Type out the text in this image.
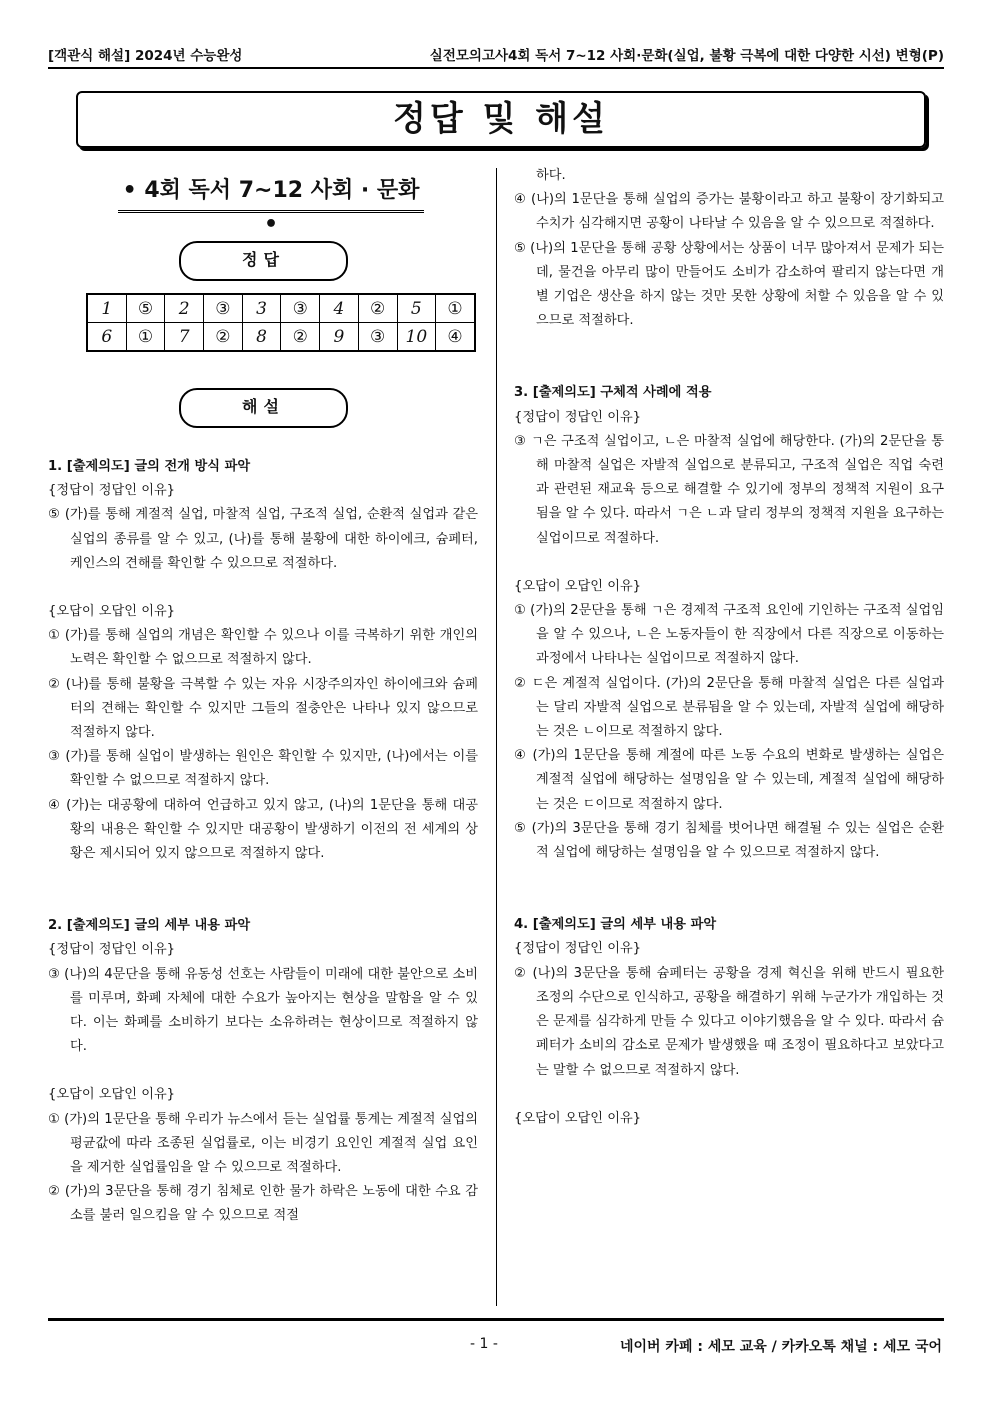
[객관식 해설] 2024년 수능완성	실전모의고사4회 독서 7~12 사회·문화(실업, 불황 극복에 대한 다양한 시선) 변형(P)
정답 및 해설
• 4회 독서 7~12 사회 · 문화 •
정답
1	⑤	2	③	3	③	4	②	5	①
6	①	7	②	8	②	9	③	10	④
해설

1. [출제의도] 글의 전개 방식 파악

{정답이 정답인 이유}

⑤ (가)를 통해 계절적 실업, 마찰적 실업, 구조적 실업, 순환적 실업과 같은 실업의 종류를 알 수 있고, (나)를 통해 불황에 대한 하이에크, 슘페터, 케인스의 견해를 확인할 수 있으므로 적절하다.

{오답이 오답인 이유}

① (가)를 통해 실업의 개념은 확인할 수 있으나 이를 극복하기 위한 개인의 노력은 확인할 수 없으므로 적절하지 않다.

② (나)를 통해 불황을 극복할 수 있는 자유 시장주의자인 하이에크와 슘페터의 견해는 확인할 수 있지만 그들의 절충안은 나타나 있지 않으므로 적절하지 않다.

③ (가)를 통해 실업이 발생하는 원인은 확인할 수 있지만, (나)에서는 이를 확인할 수 없으므로 적절하지 않다.

④ (가)는 대공황에 대하여 언급하고 있지 않고, (나)의 1문단을 통해 대공황의 내용은 확인할 수 있지만 대공황이 발생하기 이전의 전 세계의 상황은 제시되어 있지 않으므로 적절하지 않다.

2. [출제의도] 글의 세부 내용 파악

{정답이 정답인 이유}

③ (나)의 4문단을 통해 유동성 선호는 사람들이 미래에 대한 불안으로 소비를 미루며, 화폐 자체에 대한 수요가 높아지는 현상을 말함을 알 수 있다. 이는 화폐를 소비하기 보다는 소유하려는 현상이므로 적절하지 않다.

{오답이 오답인 이유}

① (가)의 1문단을 통해 우리가 뉴스에서 듣는 실업률 통계는 계절적 실업의 평균값에 따라 조종된 실업률로, 이는 비경기 요인인 계절적 실업 요인을 제거한 실업률임을 알 수 있으므로 적절하다.

② (가)의 3문단을 통해 경기 침체로 인한 물가 하락은 노동에 대한 수요 감소를 불러 일으킴을 알 수 있으므로 적절

하다.

④ (나)의 1문단을 통해 실업의 증가는 불황이라고 하고 불황이 장기화되고 수치가 심각해지면 공황이 나타날 수 있음을 알 수 있으므로 적절하다.

⑤ (나)의 1문단을 통해 공황 상황에서는 상품이 너무 많아져서 문제가 되는데, 물건을 아무리 많이 만들어도 소비가 감소하여 팔리지 않는다면 개별 기업은 생산을 하지 않는 것만 못한 상황에 처할 수 있음을 알 수 있으므로 적절하다.

3. [출제의도] 구체적 사례에 적용

{정답이 정답인 이유}

③ ㄱ은 구조적 실업이고, ㄴ은 마찰적 실업에 해당한다. (가)의 2문단을 통해 마찰적 실업은 자발적 실업으로 분류되고, 구조적 실업은 직업 숙련과 관련된 재교육 등으로 해결할 수 있기에 정부의 정책적 지원이 요구됨을 알 수 있다. 따라서 ㄱ은 ㄴ과 달리 정부의 정책적 지원을 요구하는 실업이므로 적절하다.

{오답이 오답인 이유}

① (가)의 2문단을 통해 ㄱ은 경제적 구조적 요인에 기인하는 구조적 실업임을 알 수 있으나, ㄴ은 노동자들이 한 직장에서 다른 직장으로 이동하는 과정에서 나타나는 실업이므로 적절하지 않다.

② ㄷ은 계절적 실업이다. (가)의 2문단을 통해 마찰적 실업은 다른 실업과는 달리 자발적 실업으로 분류됨을 알 수 있는데, 자발적 실업에 해당하는 것은 ㄴ이므로 적절하지 않다.

④ (가)의 1문단을 통해 계절에 따른 노동 수요의 변화로 발생하는 실업은 계절적 실업에 해당하는 설명임을 알 수 있는데, 계절적 실업에 해당하는 것은 ㄷ이므로 적절하지 않다.

⑤ (가)의 3문단을 통해 경기 침체를 벗어나면 해결될 수 있는 실업은 순환적 실업에 해당하는 설명임을 알 수 있으므로 적절하지 않다.

4. [출제의도] 글의 세부 내용 파악

{정답이 정답인 이유}

② (나)의 3문단을 통해 슘페터는 공황을 경제 혁신을 위해 반드시 필요한 조정의 수단으로 인식하고, 공황을 해결하기 위해 누군가가 개입하는 것은 문제를 심각하게 만들 수 있다고 이야기했음을 알 수 있다. 따라서 슘페터가 소비의 감소로 문제가 발생했을 때 조정이 필요하다고 보았다고는 말할 수 없으므로 적절하지 않다.

{오답이 오답인 이유}

- 1 -	네이버 카페 : 세모 교육 / 카카오톡 채널 : 세모 국어
